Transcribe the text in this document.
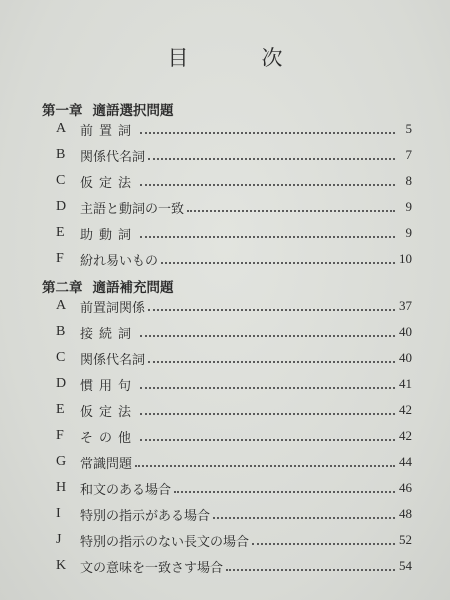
目　次
第一章 適語選択問題
A	前置詞	5
B	関係代名詞	7
C	仮定法	8
D	主語と動詞の一致	9
E	助動詞	9
F	紛れ易いもの	10
第二章 適語補充問題
A	前置詞関係	37
B	接続詞	40
C	関係代名詞	40
D	慣用句	41
E	仮定法	42
F	その他	42
G	常識問題	44
H	和文のある場合	46
I	特別の指示がある場合	48
J	特別の指示のない長文の場合	52
K	文の意味を一致さす場合	54
